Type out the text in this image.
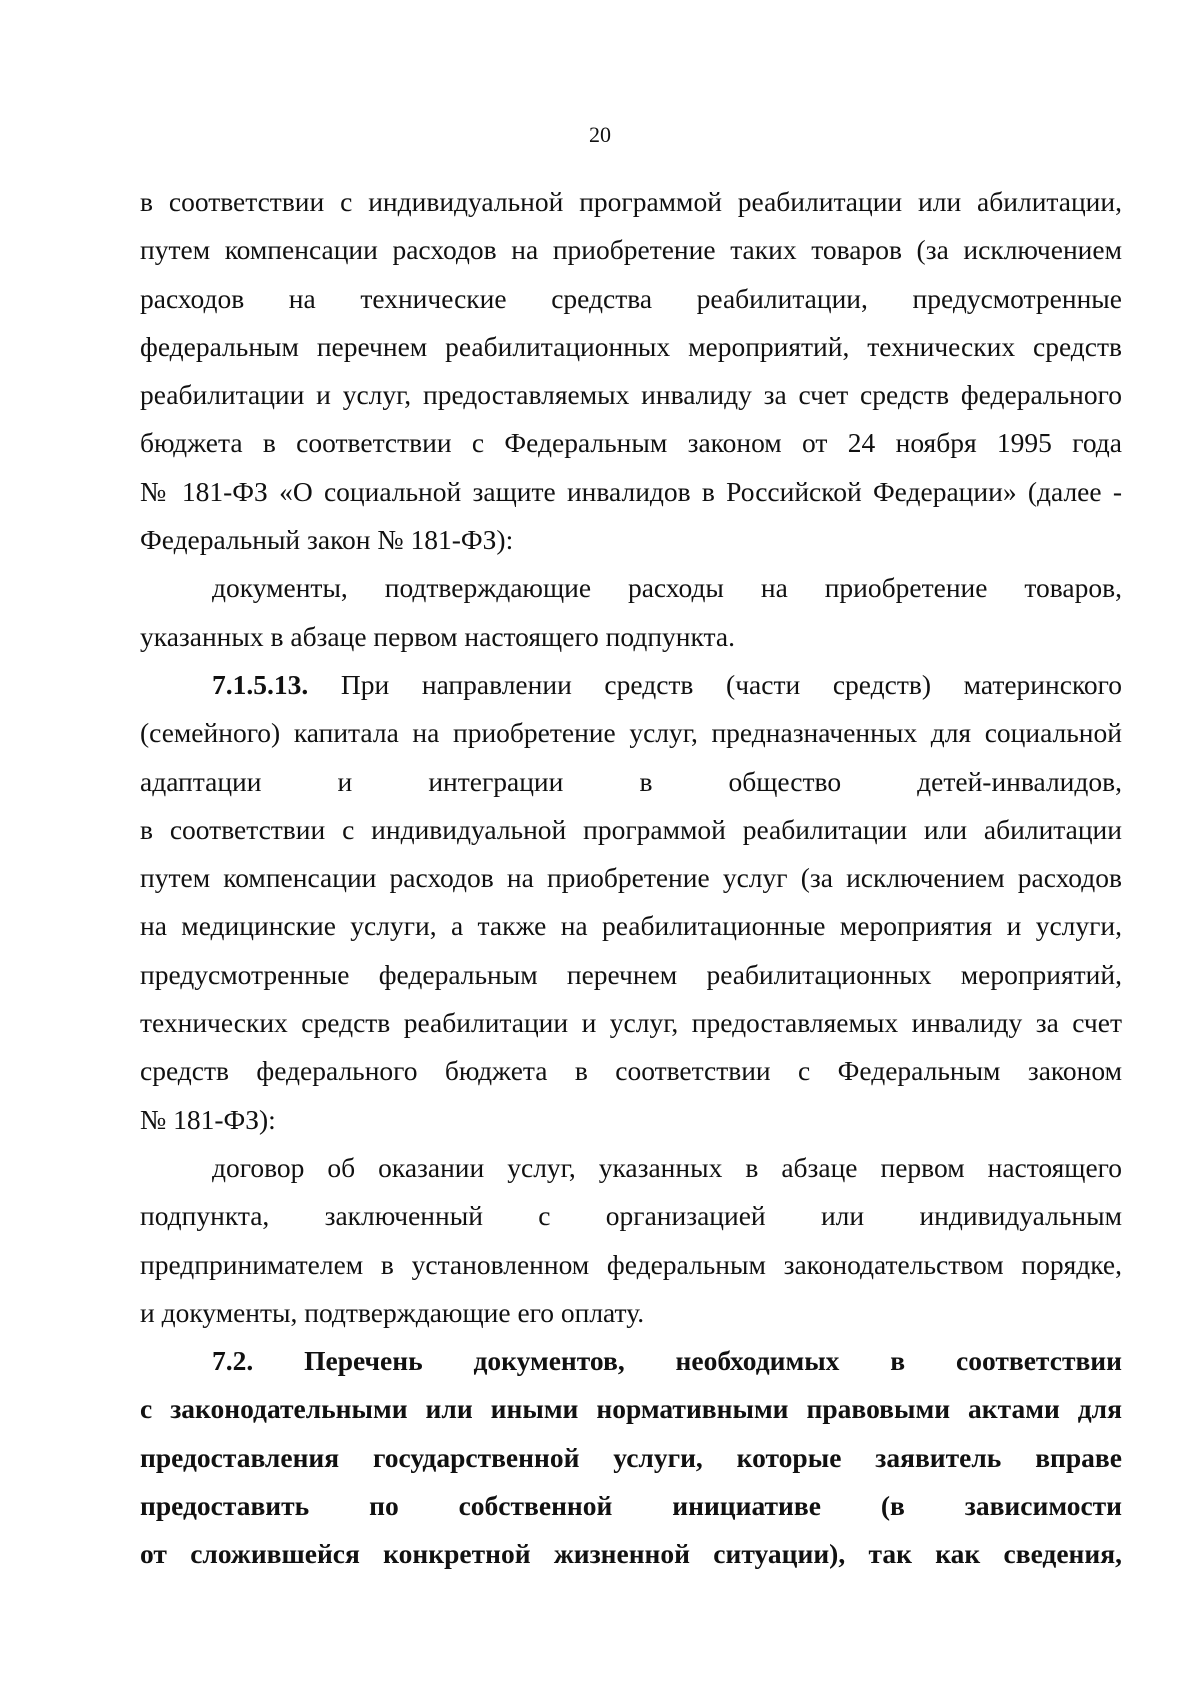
20
в соответствии с индивидуальной программой реабилитации или абилитации,
путем компенсации расходов на приобретение таких товаров (за исключением
расходов на технические средства реабилитации, предусмотренные
федеральным перечнем реабилитационных мероприятий, технических средств
реабилитации и услуг, предоставляемых инвалиду за счет средств федерального
бюджета в соответствии с Федеральным законом от 24 ноября 1995 года
№ 181-ФЗ «О социальной защите инвалидов в Российской Федерации» (далее -
Федеральный закон № 181-ФЗ):
документы, подтверждающие расходы на приобретение товаров,
указанных в абзаце первом настоящего подпункта.
7.1.5.13. При направлении средств (части средств) материнского
(семейного) капитала на приобретение услуг, предназначенных для социальной
адаптации и интеграции в общество детей-инвалидов,
в соответствии с индивидуальной программой реабилитации или абилитации
путем компенсации расходов на приобретение услуг (за исключением расходов
на медицинские услуги, а также на реабилитационные мероприятия и услуги,
предусмотренные федеральным перечнем реабилитационных мероприятий,
технических средств реабилитации и услуг, предоставляемых инвалиду за счет
средств федерального бюджета в соответствии с Федеральным законом
№ 181-ФЗ):
договор об оказании услуг, указанных в абзаце первом настоящего
подпункта, заключенный с организацией или индивидуальным
предпринимателем в установленном федеральным законодательством порядке,
и документы, подтверждающие его оплату.
7.2. Перечень документов, необходимых в соответствии
с законодательными или иными нормативными правовыми актами для
предоставления государственной услуги, которые заявитель вправе
предоставить по собственной инициативе (в зависимости
от сложившейся конкретной жизненной ситуации), так как сведения,
